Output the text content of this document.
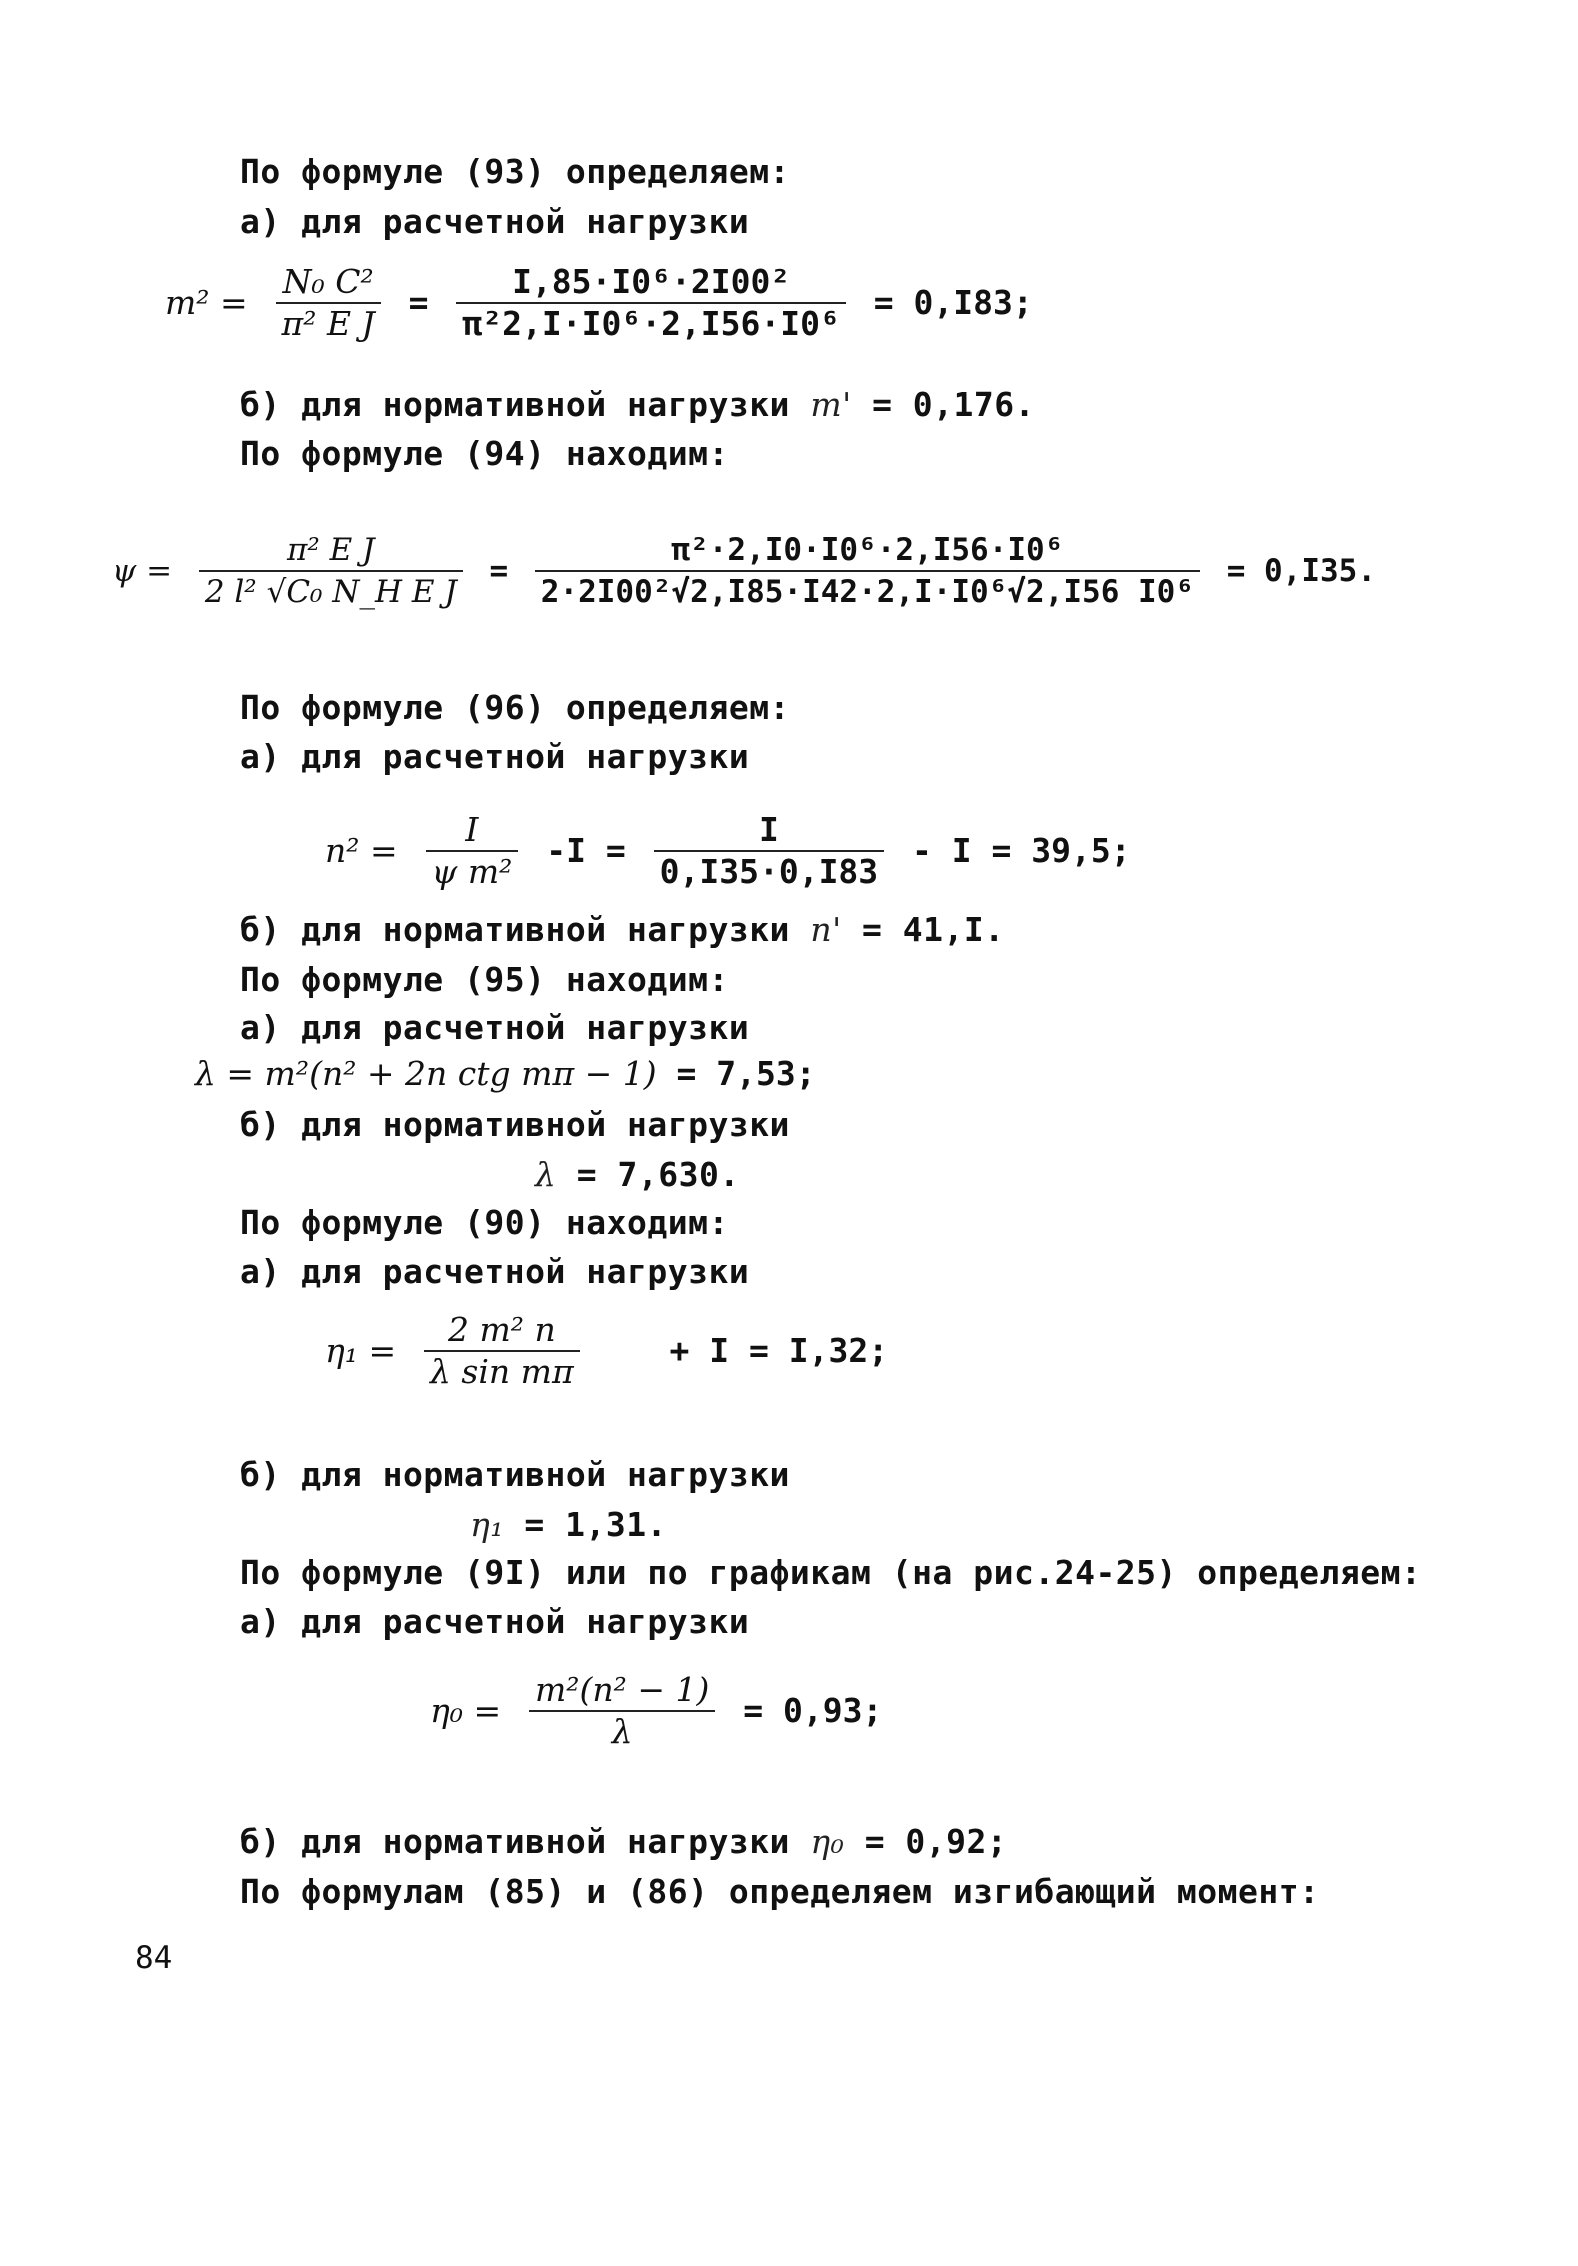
По формуле (93) определяем:
а) для расчетной нагрузки
$m^2 = \frac{\text{N₀ C²}}{\text{π² E J}} = \frac{\text{I,85·I0⁶·2I00²}}{\text{π²2,I·I0⁶·2,I56·I0⁶}} = 0,I83$;
б) для нормативной нагрузки m' = 0,176.
По формуле (94) находим:
$\psi = \frac{\text{π² E J}}{\text{2 l² √C₀ N\_H E J}} = \frac{\text{π²·2,I0·I0⁶·2,I56·I0⁶}}{\text{2·2I00²√2,I85·I42·2,I·I0⁶√2,I56 I0⁶}} = 0,I35$.
По формуле (96) определяем:
а) для расчетной нагрузки
$n^2 = \frac{I}{\text{ψ m²}} -I = \frac{I}{0,I35\cdot 0,I83} - I = 39,5$;
б) для нормативной нагрузки n' = 41,I.
По формуле (95) находим:
а) для расчетной нагрузки
λ = m²(n² + 2n ctg mπ − 1) = 7,53;
б) для нормативной нагрузки
λ = 7,630.
По формуле (90) находим:
а) для расчетной нагрузки
$\eta_1 = \frac{\text{2 m² n}}{\text{λ sin mπ}}$	+ I = I,32;
б) для нормативной нагрузки
η₁ = 1,31.
По формуле (9I) или по графикам (на рис.24-25) определяем:
а) для расчетной нагрузки
$\eta_0 = \frac{\text{m²(n² − 1)}}{\lambda} = 0,93$;
б) для нормативной нагрузки η₀ = 0,92;
По формулам (85) и (86) определяем изгибающий момент:
84
